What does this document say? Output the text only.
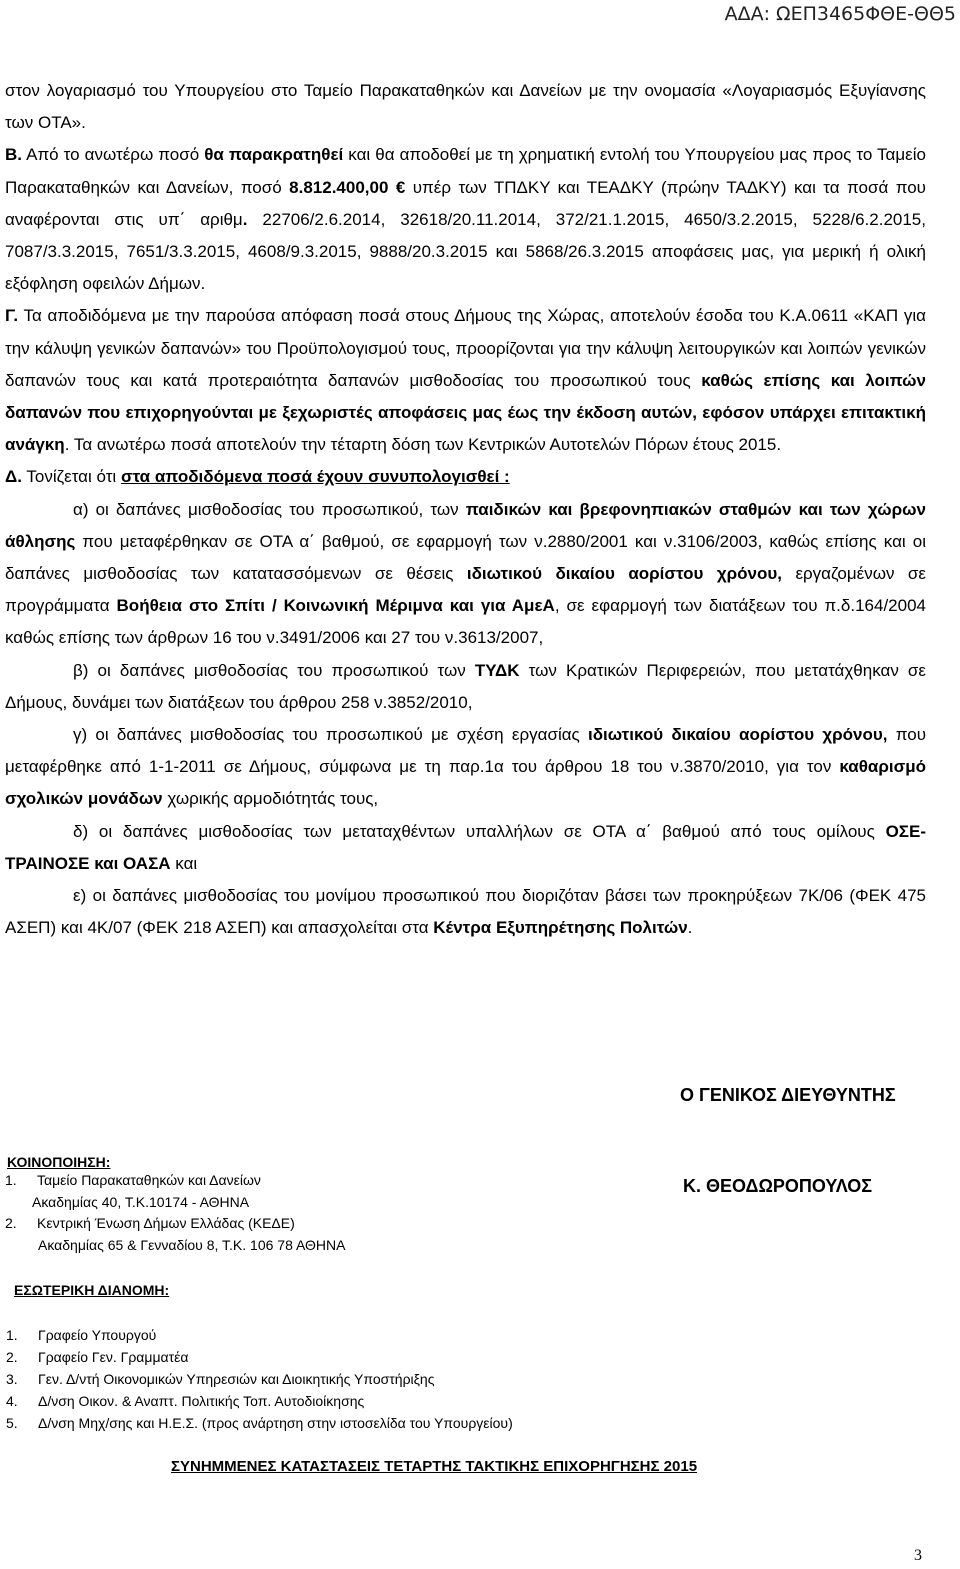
ΑΔΑ: ΩΕΠ3465ΦΘΕ-ΘΘ5

στον λογαριασμό του Υπουργείου στο Ταμείο Παρακαταθηκών και Δανείων με την ονομασία «Λογαριασμός Εξυγίανσης των ΟΤΑ».

Β. Από το ανωτέρω ποσό θα παρακρατηθεί και θα αποδοθεί με τη χρηματική εντολή του Υπουργείου μας προς το Ταμείο Παρακαταθηκών και Δανείων, ποσό 8.812.400,00 € υπέρ των ΤΠΔΚΥ και ΤΕΑΔΚΥ (πρώην ΤΑΔΚΥ) και τα ποσά που αναφέρονται στις υπ΄ αριθμ. 22706/2.6.2014, 32618/20.11.2014, 372/21.1.2015, 4650/3.2.2015, 5228/6.2.2015, 7087/3.3.2015, 7651/3.3.2015, 4608/9.3.2015, 9888/20.3.2015 και 5868/26.3.2015 αποφάσεις μας, για μερική ή ολική εξόφληση οφειλών Δήμων.

Γ. Τα αποδιδόμενα με την παρούσα απόφαση ποσά στους Δήμους της Χώρας, αποτελούν έσοδα του Κ.Α.0611 «ΚΑΠ για την κάλυψη γενικών δαπανών» του Προϋπολογισμού τους, προορίζονται για την κάλυψη λειτουργικών και λοιπών γενικών δαπανών τους και κατά προτεραιότητα δαπανών μισθοδοσίας του προσωπικού τους καθώς επίσης και λοιπών δαπανών που επιχορηγούνται με ξεχωριστές αποφάσεις μας έως την έκδοση αυτών, εφόσον υπάρχει επιτακτική ανάγκη. Τα ανωτέρω ποσά αποτελούν την τέταρτη δόση των Κεντρικών Αυτοτελών Πόρων έτους 2015.

Δ. Τονίζεται ότι στα αποδιδόμενα ποσά έχουν συνυπολογισθεί :

α) οι δαπάνες μισθοδοσίας του προσωπικού, των παιδικών και βρεφονηπιακών σταθμών και των χώρων άθλησης που μεταφέρθηκαν σε ΟΤΑ α΄ βαθμού, σε εφαρμογή των ν.2880/2001 και ν.3106/2003, καθώς επίσης και οι δαπάνες μισθοδοσίας των κατατασσόμενων σε θέσεις ιδιωτικού δικαίου αορίστου χρόνου, εργαζομένων σε προγράμματα Βοήθεια στο Σπίτι / Κοινωνική Μέριμνα και για ΑμεΑ, σε εφαρμογή των διατάξεων του π.δ.164/2004 καθώς επίσης των άρθρων 16 του ν.3491/2006 και 27 του ν.3613/2007,

β) οι δαπάνες μισθοδοσίας του προσωπικού των ΤΥΔΚ των Κρατικών Περιφερειών, που μετατάχθηκαν σε Δήμους, δυνάμει των διατάξεων του άρθρου 258 ν.3852/2010,

γ) οι δαπάνες μισθοδοσίας του προσωπικού με σχέση εργασίας ιδιωτικού δικαίου αορίστου χρόνου, που μεταφέρθηκε από 1-1-2011 σε Δήμους, σύμφωνα με τη παρ.1α του άρθρου 18 του ν.3870/2010, για τον καθαρισμό σχολικών μονάδων χωρικής αρμοδιότητάς τους,

δ) οι δαπάνες μισθοδοσίας των μεταταχθέντων υπαλλήλων σε ΟΤΑ α΄ βαθμού από τους ομίλους ΟΣΕ-ΤΡΑΙΝΟΣΕ και ΟΑΣΑ και

ε) οι δαπάνες μισθοδοσίας του μονίμου προσωπικού που διοριζόταν βάσει των προκηρύξεων 7Κ/06 (ΦΕΚ 475 ΑΣΕΠ) και 4Κ/07 (ΦΕΚ 218 ΑΣΕΠ) και απασχολείται στα Κέντρα Εξυπηρέτησης Πολιτών.

Ο ΓΕΝΙΚΟΣ ΔΙΕΥΘΥΝΤΗΣ
Κ. ΘΕΟΔΩΡΟΠΟΥΛΟΣ
ΚΟΙΝΟΠΟΙΗΣΗ:
1. Ταμείο Παρακαταθηκών και Δανείων
Ακαδημίας 40, Τ.Κ.10174 - ΑΘΗΝΑ
2. Κεντρική Ένωση Δήμων Ελλάδας (ΚΕΔΕ)
Ακαδημίας 65 & Γενναδίου 8, Τ.Κ. 106 78 ΑΘΗΝΑ
ΕΣΩΤΕΡΙΚΗ ΔΙΑΝΟΜΗ:
1. Γραφείο Υπουργού
2. Γραφείο Γεν. Γραμματέα
3. Γεν. Δ/ντή Οικονομικών Υπηρεσιών και Διοικητικής Υποστήριξης
4. Δ/νση Οικον. & Αναπτ. Πολιτικής Τοπ. Αυτοδιοίκησης
5. Δ/νση Μηχ/σης και Η.Ε.Σ. (προς ανάρτηση στην ιστοσελίδα του Υπουργείου)
ΣΥΝΗΜΜΕΝΕΣ ΚΑΤΑΣΤΑΣΕΙΣ ΤΕΤΑΡΤΗΣ ΤΑΚΤΙΚΗΣ ΕΠΙΧΟΡΗΓΗΣΗΣ 2015
3
